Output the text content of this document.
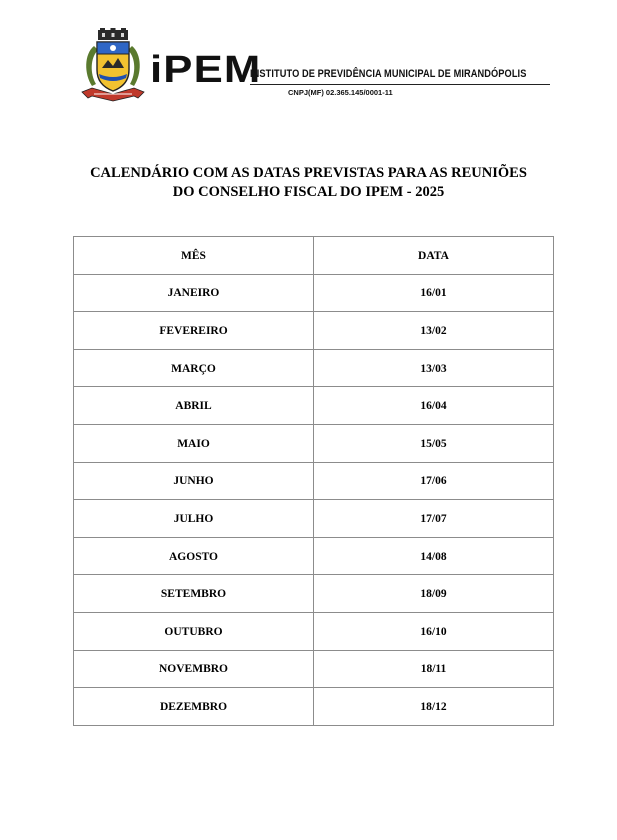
iPEM
INSTITUTO DE PREVIDÊNCIA MUNICIPAL DE MIRANDÓPOLIS
CNPJ(MF) 02.365.145/0001-11
CALENDÁRIO COM AS DATAS PREVISTAS PARA AS REUNIÕES
DO CONSELHO FISCAL DO IPEM - 2025
MÊS	DATA
JANEIRO	16/01
FEVEREIRO	13/02
MARÇO	13/03
ABRIL	16/04
MAIO	15/05
JUNHO	17/06
JULHO	17/07
AGOSTO	14/08
SETEMBRO	18/09
OUTUBRO	16/10
NOVEMBRO	18/11
DEZEMBRO	18/12
